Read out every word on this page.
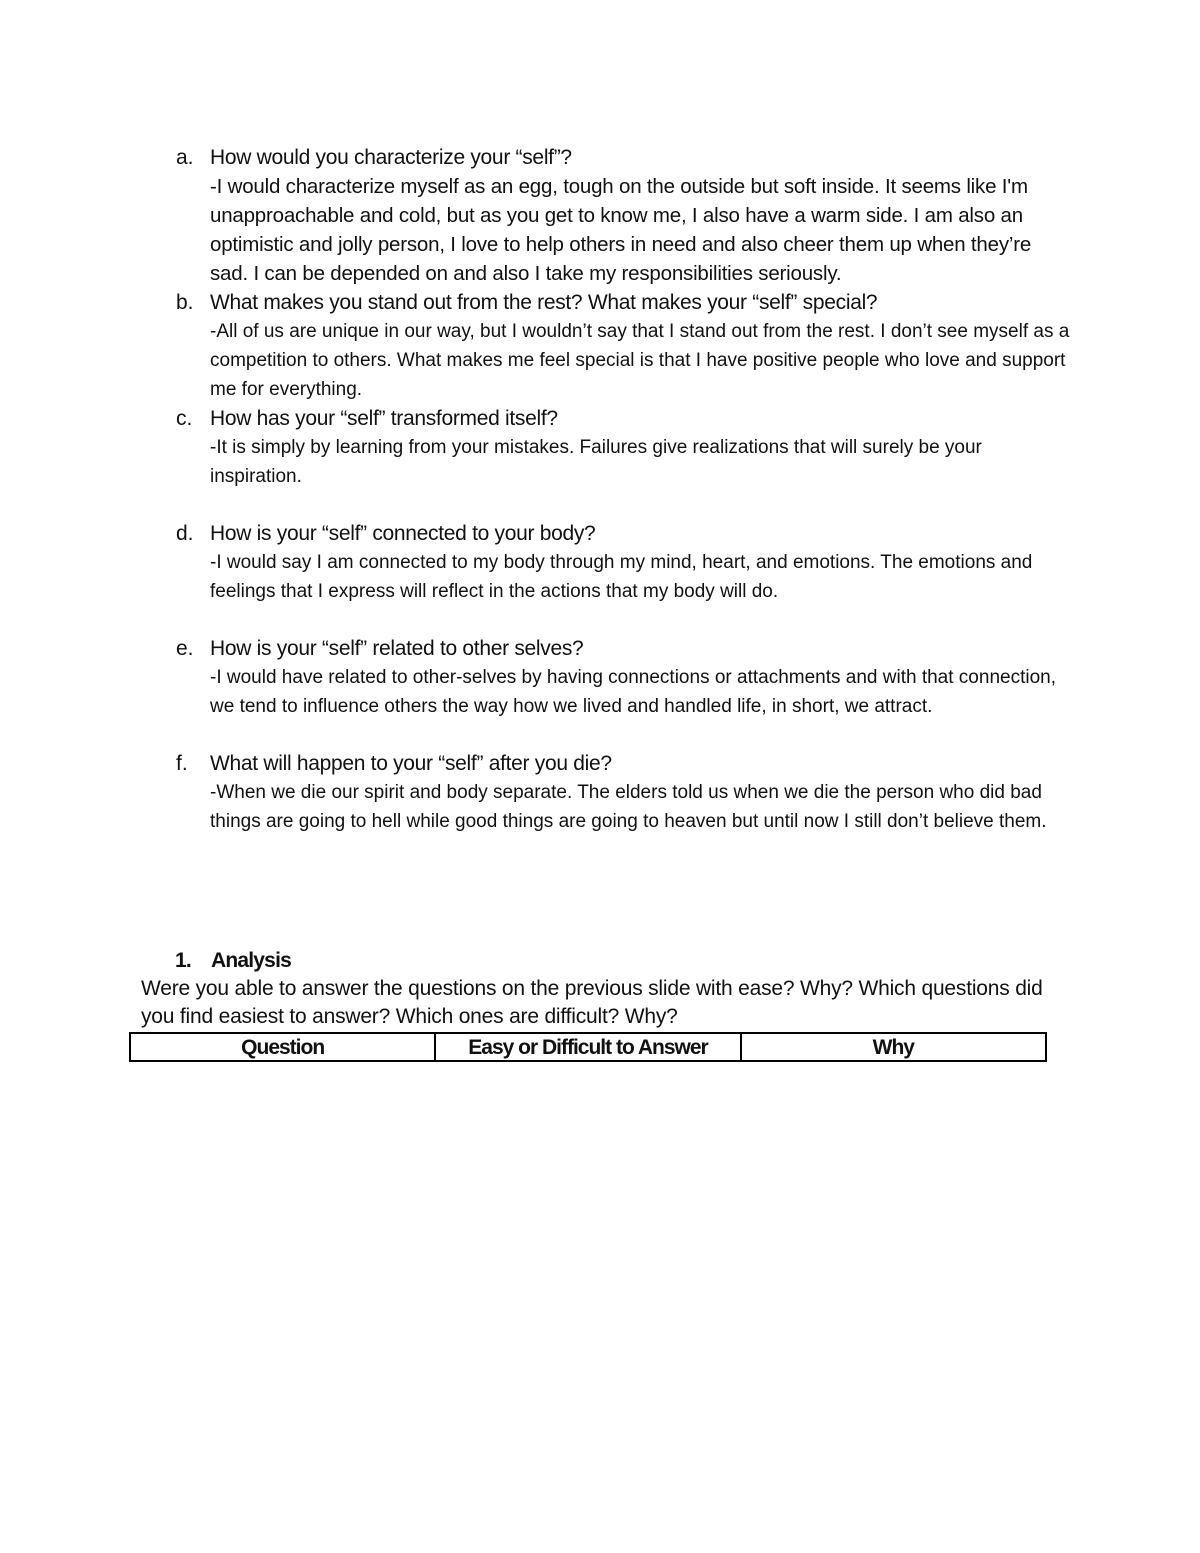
a. How would you characterize your “self”?
-I would characterize myself as an egg, tough on the outside but soft inside. It seems like I'm unapproachable and cold, but as you get to know me, I also have a warm side. I am also an optimistic and jolly person, I love to help others in need and also cheer them up when they’re sad. I can be depended on and also I take my responsibilities seriously.
b. What makes you stand out from the rest? What makes your “self” special?
-All of us are unique in our way, but I wouldn’t say that I stand out from the rest. I don’t see myself as a competition to others. What makes me feel special is that I have positive people who love and support me for everything.
c. How has your “self” transformed itself?
-It is simply by learning from your mistakes. Failures give realizations that will surely be your inspiration.
d. How is your “self” connected to your body?
-I would say I am connected to my body through my mind, heart, and emotions. The emotions and feelings that I express will reflect in the actions that my body will do.
e. How is your “self” related to other selves?
-I would have related to other-selves by having connections or attachments and with that connection, we tend to influence others the way how we lived and handled life, in short, we attract.
f. What will happen to your “self” after you die?
-When we die our spirit and body separate. The elders told us when we die the person who did bad things are going to hell while good things are going to heaven but until now I still don’t believe them.
1. Analysis

Were you able to answer the questions on the previous slide with ease? Why? Which questions did you find easiest to answer? Which ones are difficult? Why?

Question	Easy or Difficult to Answer	Why
